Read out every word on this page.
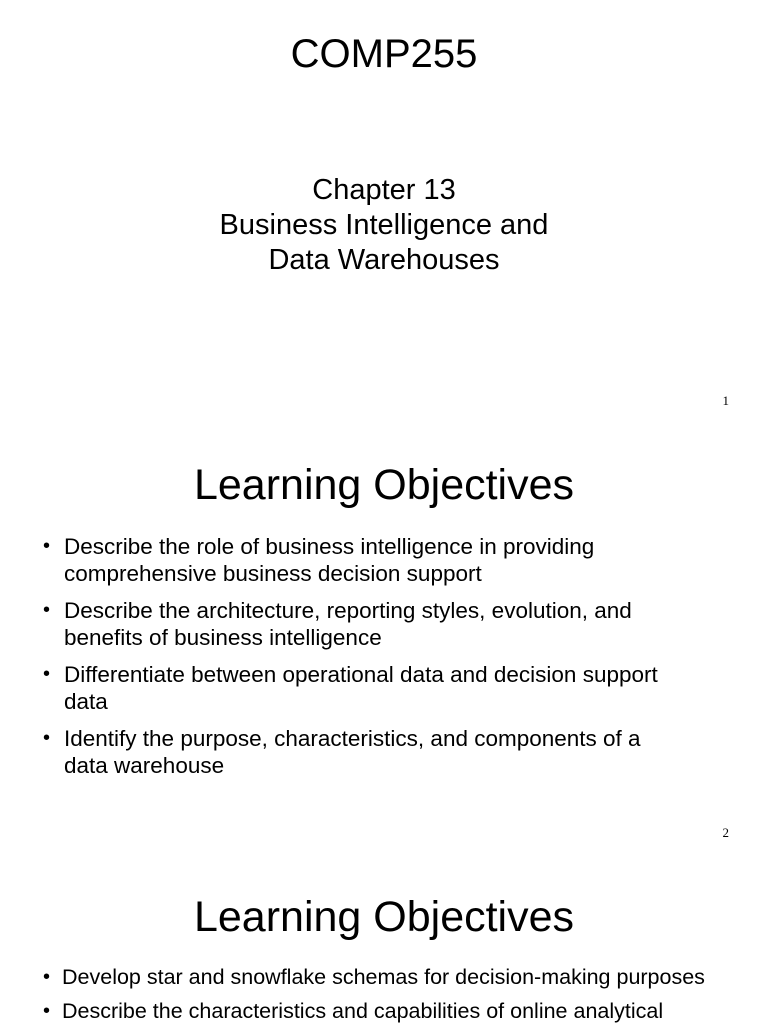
COMP255
Chapter 13
Business Intelligence and
Data Warehouses
1
Learning Objectives
• Describe the role of business intelligence in providing
comprehensive business decision support
• Describe the architecture, reporting styles, evolution, and
benefits of business intelligence
• Differentiate between operational data and decision support
data
• Identify the purpose, characteristics, and components of a
data warehouse
2
Learning Objectives
• Develop star and snowflake schemas for decision-making purposes
• Describe the characteristics and capabilities of online analytical
